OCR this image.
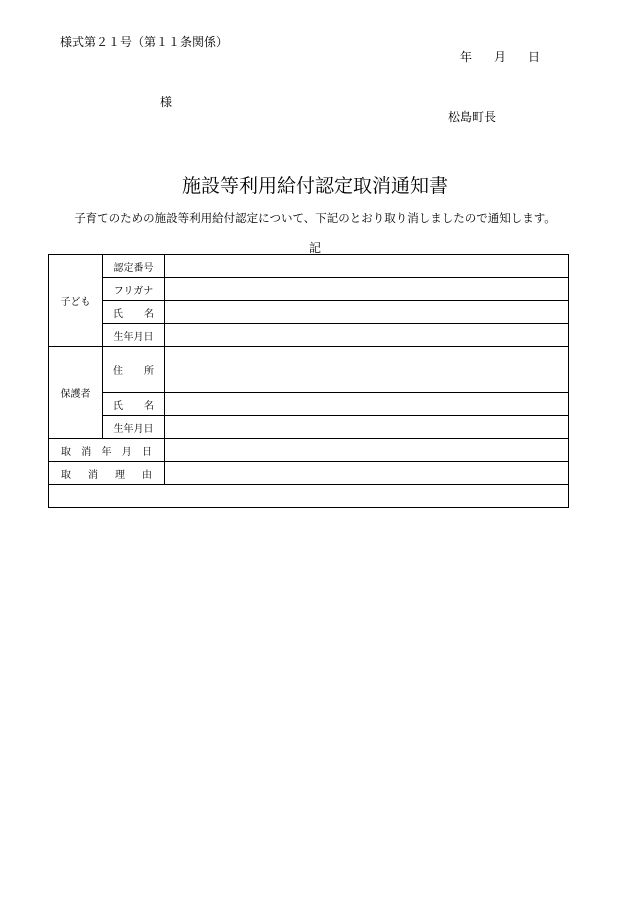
様式第２１号（第１１条関係）
年 月 日
様
松島町長
施設等利用給付認定取消通知書
子育てのための施設等利用給付認定について、下記のとおり取り消しましたので通知します。
記
子ども	認定番号	
	フリガナ	

	氏 名	

	生年月日	
保護者	住 所	

	氏 名	

	生年月日	

取 消 年 月 日		

取 消 理 由		
